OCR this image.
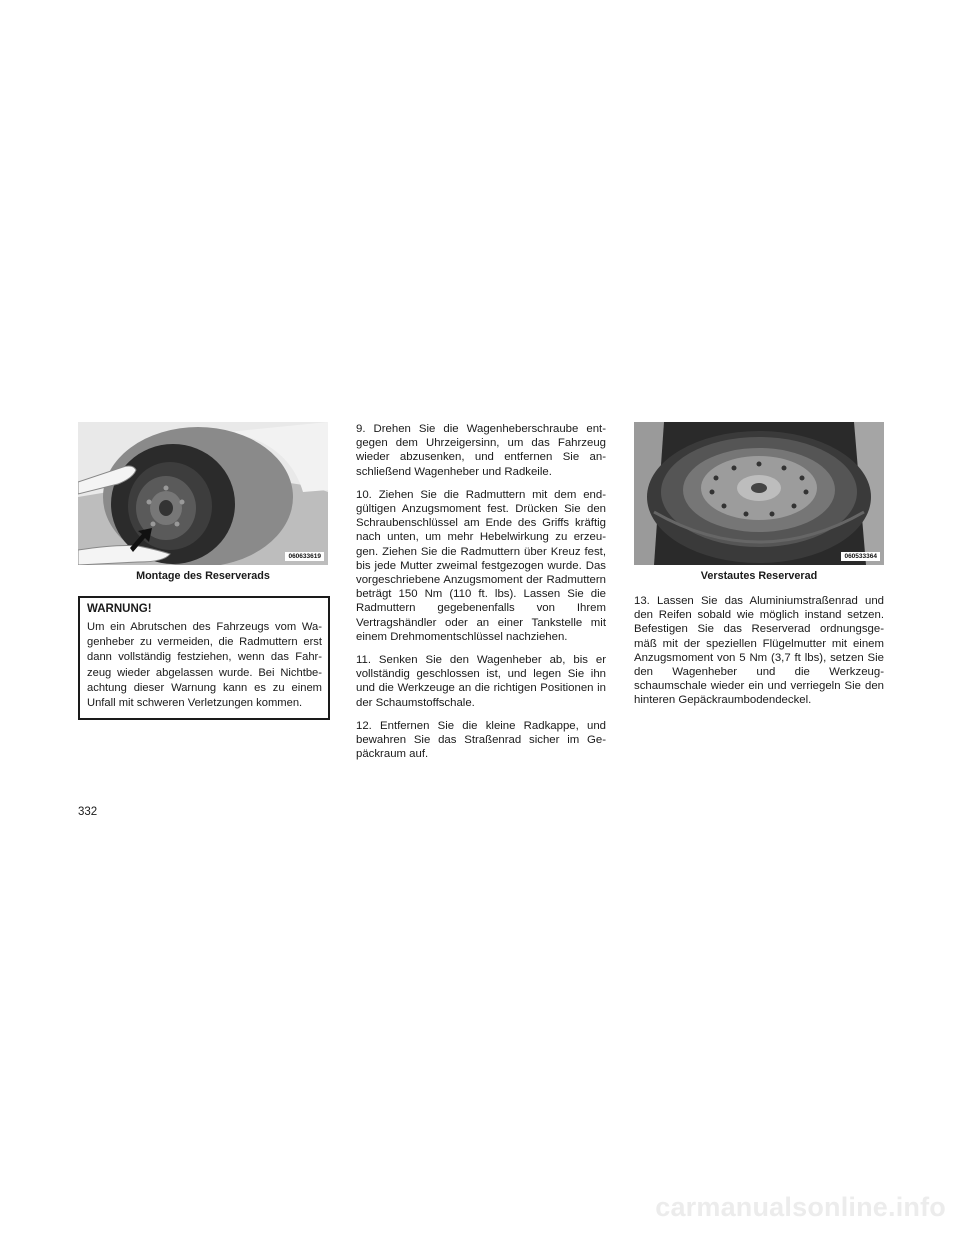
060633619
Montage des Reserverads
WARNUNG!
Um ein Abrutschen des Fahrzeugs vom Wa- genheber zu vermeiden, die Radmuttern erst dann vollständig festziehen, wenn das Fahr- zeug wieder abgelassen wurde. Bei Nichtbe- achtung dieser Warnung kann es zu einem Unfall mit schweren Verletzungen kommen.

9. Drehen Sie die Wagenheberschraube ent- gegen dem Uhrzeigersinn, um das Fahrzeug wieder abzusenken, und entfernen Sie an- schließend Wagenheber und Radkeile.

10. Ziehen Sie die Radmuttern mit dem end- gültigen Anzugsmoment fest. Drücken Sie den Schraubenschlüssel am Ende des Griffs kräftig nach unten, um mehr Hebelwirkung zu erzeu- gen. Ziehen Sie die Radmuttern über Kreuz fest, bis jede Mutter zweimal festgezogen wurde. Das vorgeschriebene Anzugsmoment der Radmuttern beträgt 150 Nm (110 ft. lbs). Lassen Sie die Radmuttern gegebenenfalls von Ihrem Vertragshändler oder an einer Tankstelle mit einem Drehmomentschlüssel nachziehen.

11. Senken Sie den Wagenheber ab, bis er vollständig geschlossen ist, und legen Sie ihn und die Werkzeuge an die richtigen Positionen in der Schaumstoffschale.

12. Entfernen Sie die kleine Radkappe, und bewahren Sie das Straßenrad sicher im Ge- päckraum auf.

060533364
Verstautes Reserverad

13. Lassen Sie das Aluminiumstraßenrad und den Reifen sobald wie möglich instand setzen. Befestigen Sie das Reserverad ordnungsge- mäß mit der speziellen Flügelmutter mit einem Anzugsmoment von 5 Nm (3,7 ft lbs), setzen Sie den Wagenheber und die Werkzeug- schaumschale wieder ein und verriegeln Sie den hinteren Gepäckraumbodendeckel.

332
carmanualsonline.info
